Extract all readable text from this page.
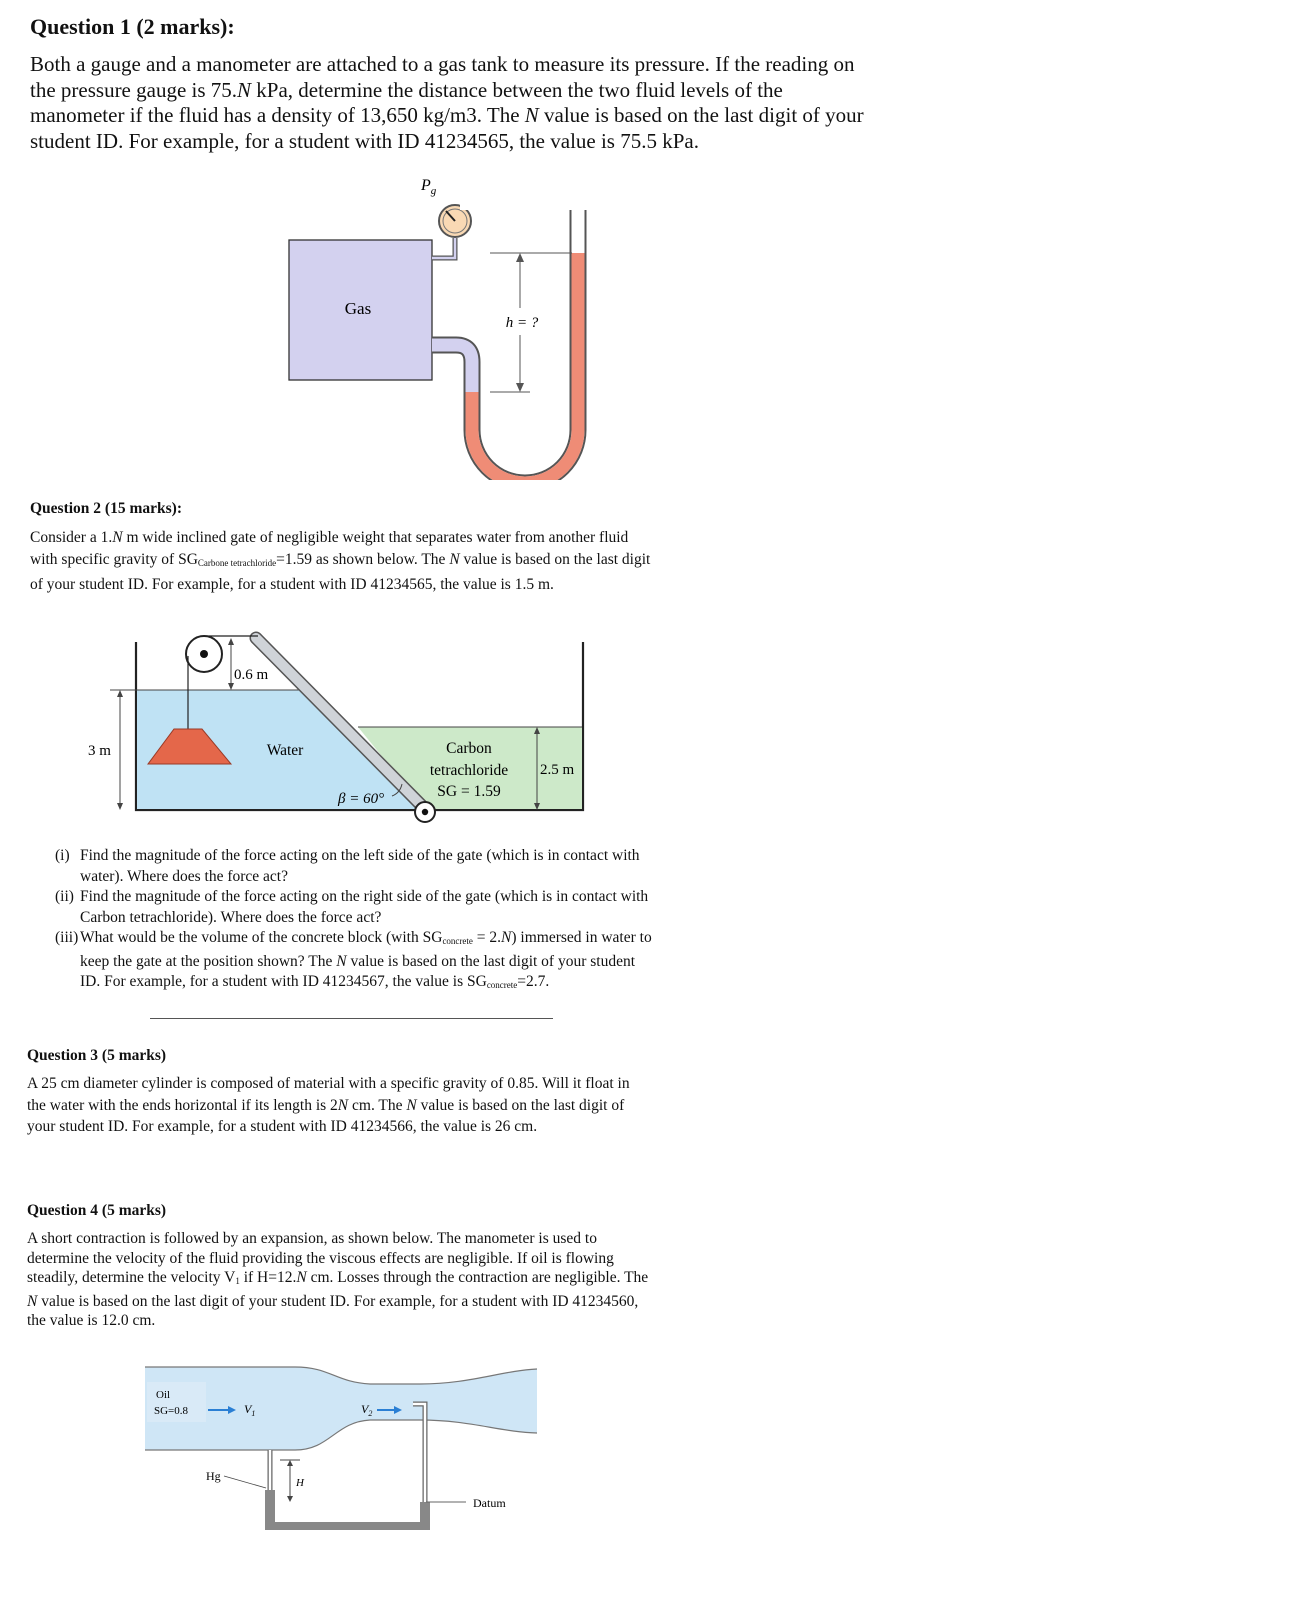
Question 1 (2 marks):
Both a gauge and a manometer are attached to a gas tank to measure its pressure. If the reading on the pressure gauge is 75.N kPa, determine the distance between the two fluid levels of the manometer if the fluid has a density of 13,650 kg/m3. The N value is based on the last digit of your student ID. For example, for a student with ID 41234565, the value is 75.5 kPa.
Gas
$P_g$
h = ?
Question 2 (15 marks):
Consider a 1.N m wide inclined gate of negligible weight that separates water from another fluid with specific gravity of $SG_{Carbone tetrachloride}=1.59$ as shown below. The N value is based on the last digit of your student ID. For example, for a student with ID 41234565, the value is 1.5 m.
0.6 m
3 m
2.5 m
Water	Carbon
tetrachloride
SG = 1.59
β = 60°
(i) Find the magnitude of the force acting on the left side of the gate (which is in contact with water). Where does the force act?
(ii) Find the magnitude of the force acting on the right side of the gate (which is in contact with Carbon tetrachloride). Where does the force act?
(iii) What would be the volume of the concrete block (with $SG_{concrete} = 2.N$) immersed in water to keep the gate at the position shown? The N value is based on the last digit of your student ID. For example, for a student with ID 41234567, the value is $SG_{concrete}=2.7$.
Question 3 (5 marks)
A 25 cm diameter cylinder is composed of material with a specific gravity of 0.85. Will it float in the water with the ends horizontal if its length is 2N cm. The N value is based on the last digit of your student ID. For example, for a student with ID 41234566, the value is 26 cm.
Question 4 (5 marks)
A short contraction is followed by an expansion, as shown below. The manometer is used to determine the velocity of the fluid providing the viscous effects are negligible. If oil is flowing steadily, determine the velocity $V_1$ if H=12.N cm. Losses through the contraction are negligible. The N value is based on the last digit of your student ID. For example, for a student with ID 41234560, the value is 12.0 cm.
Oil
SG=0.8	$V_1$	$V_2$
Datum
H
Hg
